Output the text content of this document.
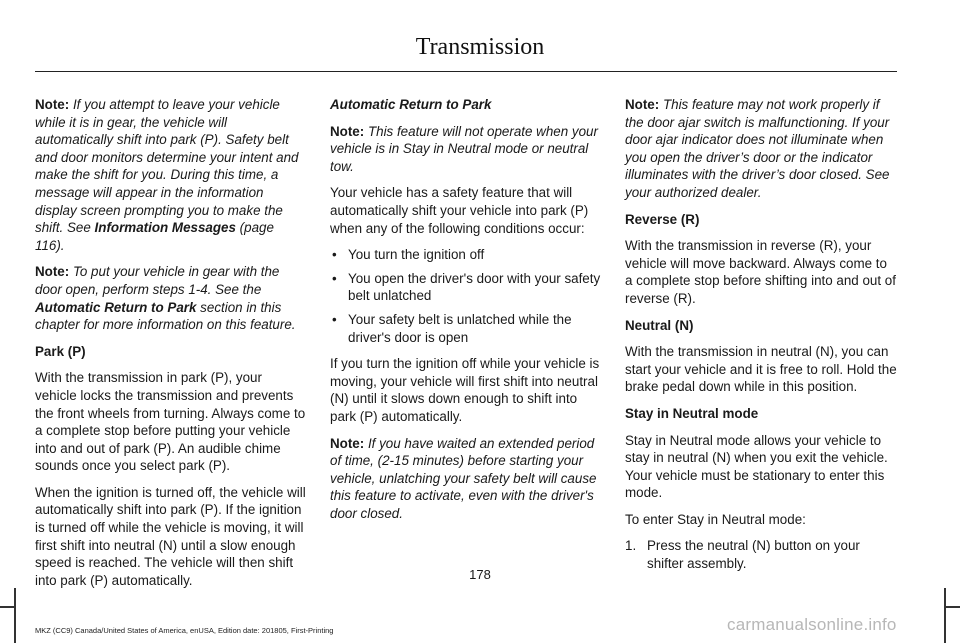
Transmission

Note: If you attempt to leave your vehicle while it is in gear, the vehicle will automatically shift into park (P). Safety belt and door monitors determine your intent and make the shift for you. During this time, a message will appear in the information display screen prompting you to make the shift. See Information Messages (page 116).

Note: To put your vehicle in gear with the door open, perform steps 1-4. See the Automatic Return to Park section in this chapter for more information on this feature.

Park (P)

With the transmission in park (P), your vehicle locks the transmission and prevents the front wheels from turning. Always come to a complete stop before putting your vehicle into and out of park (P). An audible chime sounds once you select park (P).

When the ignition is turned off, the vehicle will automatically shift into park (P). If the ignition is turned off while the vehicle is moving, it will first shift into neutral (N) until a slow enough speed is reached. The vehicle will then shift into park (P) automatically.

Automatic Return to Park

Note: This feature will not operate when your vehicle is in Stay in Neutral mode or neutral tow.

Your vehicle has a safety feature that will automatically shift your vehicle into park (P) when any of the following conditions occur:

• You turn the ignition off
• You open the driver's door with your safety belt unlatched
• Your safety belt is unlatched while the driver's door is open

If you turn the ignition off while your vehicle is moving, your vehicle will first shift into neutral (N) until it slows down enough to shift into park (P) automatically.

Note: If you have waited an extended period of time, (2-15 minutes) before starting your vehicle, unlatching your safety belt will cause this feature to activate, even with the driver's door closed.

Note: This feature may not work properly if the door ajar switch is malfunctioning. If your door ajar indicator does not illuminate when you open the driver’s door or the indicator illuminates with the driver’s door closed. See your authorized dealer.

Reverse (R)

With the transmission in reverse (R), your vehicle will move backward. Always come to a complete stop before shifting into and out of reverse (R).

Neutral (N)

With the transmission in neutral (N), you can start your vehicle and it is free to roll. Hold the brake pedal down while in this position.

Stay in Neutral mode

Stay in Neutral mode allows your vehicle to stay in neutral (N) when you exit the vehicle. Your vehicle must be stationary to enter this mode.

To enter Stay in Neutral mode:

1. Press the neutral (N) button on your shifter assembly.
178
MKZ (CC9) Canada/United States of America, enUSA, Edition date: 201805, First-Printing	carmanualsonline.info
